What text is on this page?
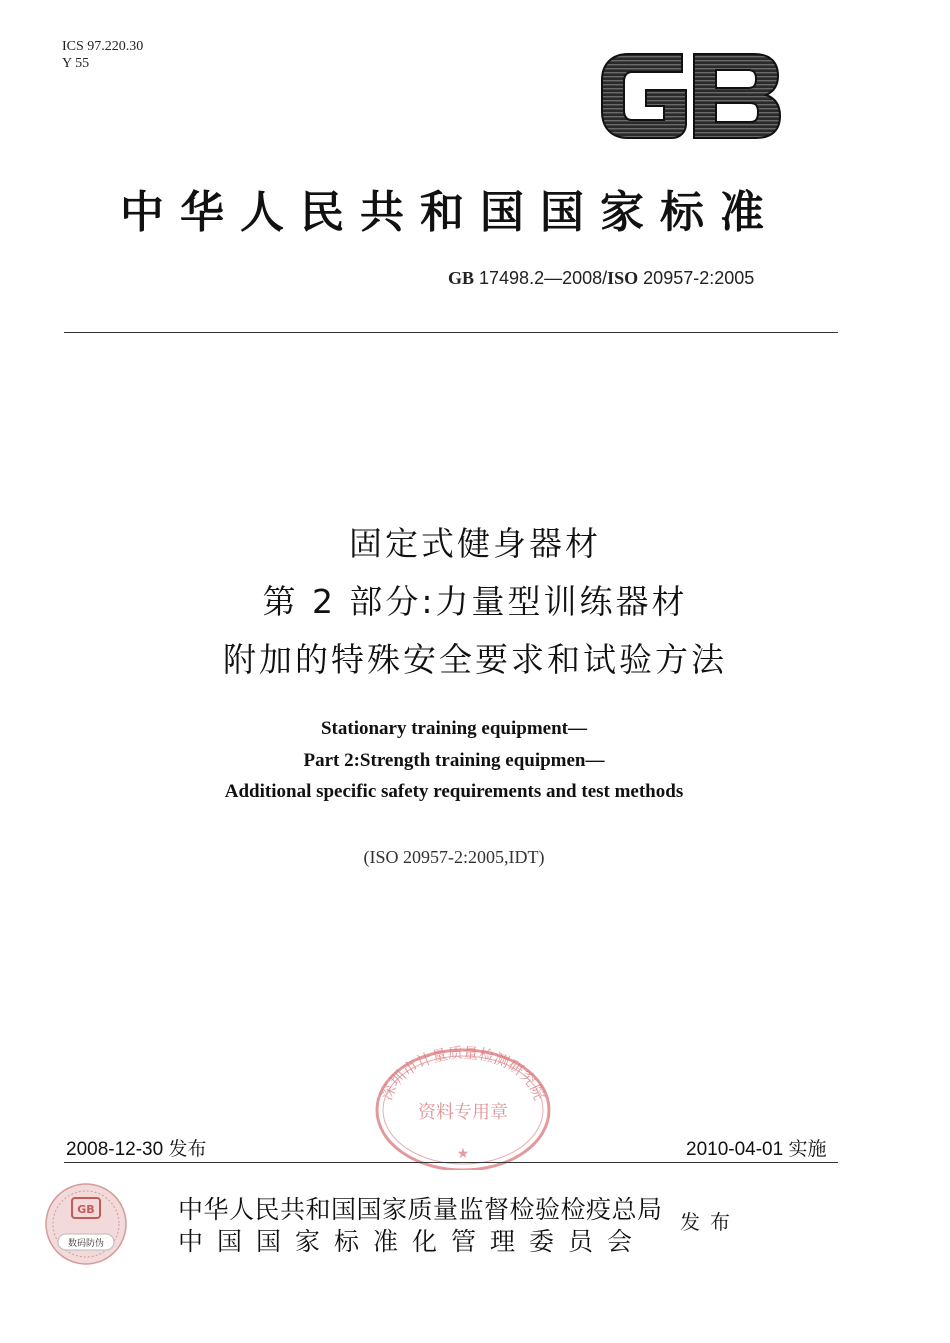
ICS 97.220.30
Y 55
中华人民共和国国家标准
GB 17498.2—2008/ISO 20957-2:2005
固定式健身器材
第 2 部分:力量型训练器材
附加的特殊安全要求和试验方法
Stationary training equipment—
Part 2:Strength training equipmen—
Additional specific safety requirements and test methods
(ISO 20957-2:2005,IDT)
深圳市计量质量检测研究院
资料专用章
★
2008-12-30 发布	2010-04-01 实施
GB
数码防伪
中华人民共和国国家质量监督检验检疫总局
中国国家标准化管理委员会
发布
